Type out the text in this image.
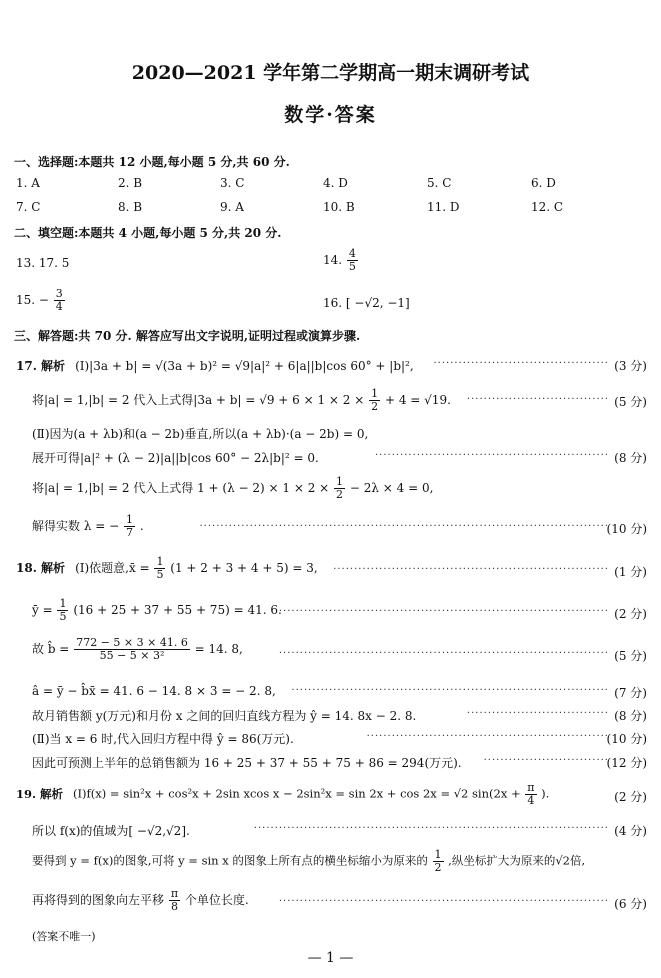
2020—2021 学年第二学期高一期末调研考试
数学·答案
一、选择题:本题共 12 小题,每小题 5 分,共 60 分.
1. A	2. B	3. C	4. D	5. C	6. D
7. C	8. B	9. A	10. B	11. D	12. C
二、填空题:本题共 4 小题,每小题 5 分,共 20 分.
13. 17. 5	14. $\frac{4}{5}$
15. − $\frac{3}{4}$	16. [ −√2, −1]
三、解答题:共 70 分. 解答应写出文字说明,证明过程或演算步骤.
17. 解析 (Ⅰ)|3a + b| = √(3a + b)² = √9|a|² + 6|a||b|cos 60° + |b|²,	·········································· (3 分)
将|a| = 1,|b| = 2 代入上式得$|3a + b| = √9 + 6 \times 1 \times 2 \times \frac{1}{2} + 4 = √19$.	·································· (5 分)
(Ⅱ)因为(a + λb)和(a − 2b)垂直,所以(a + λb)·(a − 2b) = 0,
展开可得|a|² + (λ − 2)|a||b|cos 60° − 2λ|b|² = 0.	························································ (8 分)
将|a| = 1,|b| = 2 代入上式得 $1 + (\lambda - 2) \times 1 \times 2 \times \frac{1}{2} - 2\lambda \times 4 = 0$,
解得实数 λ = − $\frac{1}{7}$ .	··································································································
(10 分)
18. 解析 (Ⅰ)依题意,x̄ = $\frac{1}{5} (1 + 2 + 3 + 4 + 5) = 3$,	·································································· (1 分)
ȳ = $\frac{1}{5} (16 + 25 + 37 + 55 + 75) = 41$. 6.
··············································································· (2 分)
故 b̂ = $\frac{772 - 5 \times 3 \times 41. 6}{\text{55 − 5 × 3²}} = 14$. 8,	··············································································· (5 分)
â = ȳ − b̂x̄ = 41. 6 − 14. 8 × 3 = − 2. 8,	············································································ (7 分)
故月销售额 y(万元)和月份 x 之间的回归直线方程为 ŷ = 14. 8x − 2. 8.	·································· (8 分)
(Ⅱ)当 x = 6 时,代入回归方程中得 ŷ = 86(万元).	··························································
(10 分)
因此可预测上半年的总销售额为 16 + 25 + 37 + 55 + 75 + 86 = 294(万元).	······························
(12 分)
19. 解析 (Ⅰ)f(x) = sin²x + cos²x + 2sin xcos x − 2sin²x = sin 2x + cos 2x = √2 $\sin(2x + \frac{\pi}{4}$ ).	(2 分)
所以 f(x)的值域为[ −√2,√2].	····················································································· (4 分)
要得到 y = f(x)的图象,可将 y = sin x 的图象上所有点的横坐标缩小为原来的 $\frac{1}{2}$ ,纵坐标扩大为原来的√2倍,
再将得到的图象向左平移 $\frac{\pi}{8}$ 个单位长度.	··············································································· (6 分)
(答案不唯一)
— 1 —
